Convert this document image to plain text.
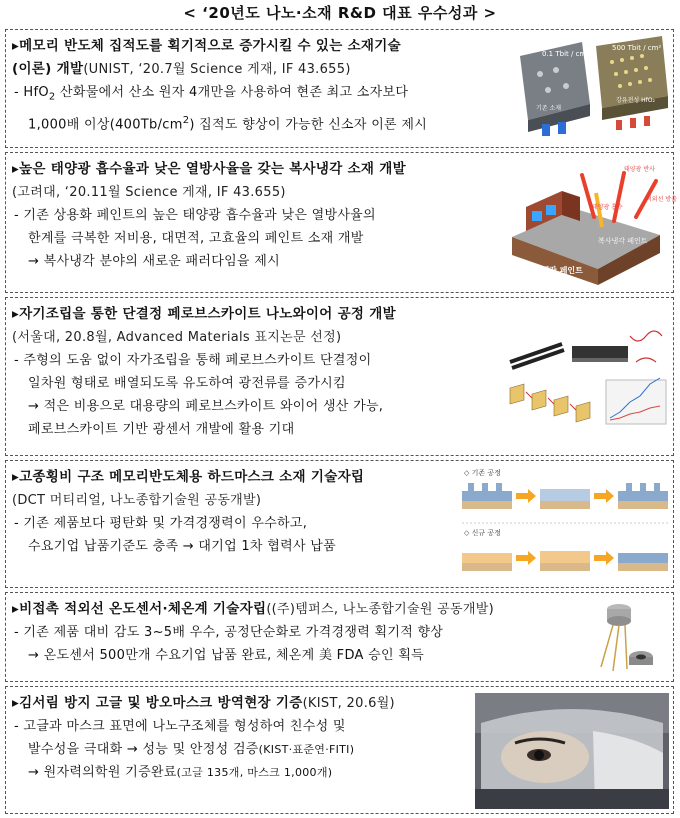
< ‘20년도 나노·소재 R&D 대표 우수성과 >
▸메모리 반도체 집적도를 획기적으로 증가시킬 수 있는 소재기술
(이론) 개발(UNIST, ‘20.7월 Science 게재, IF 43.655)
- HfO$_2$ 산화물에서 산소 원자 4개만을 사용하여 현존 최고 소자보다
1,000배 이상$(400Tb/cm^2)$ 집적도 향상이 가능한 신소자 이론 제시
0.1 Tbit / cm²
500 Tbit / cm²
기존 소재
강유전성 HfO₂
▸높은 태양광 흡수율과 낮은 열방사율을 갖는 복사냉각 소재 개발
(고려대, ‘20.11월 Science 게재, IF 43.655)
- 기존 상용화 페인트의 높은 태양광 흡수율과 낮은 열방사율의
한계를 극복한 저비용, 대면적, 고효율의 페인트 소재 개발
→ 복사냉각 분야의 새로운 패러다임을 제시
태양광 반사
적외선 방출
태양광 흡수
복사냉각 페인트
복사냉각 페인트
▸자기조립을 통한 단결정 페로브스카이트 나노와이어 공정 개발
(서울대, 20.8월, Advanced Materials 표지논문 선정)
- 주형의 도움 없이 자가조립을 통해 페로브스카이트 단결정이
일차원 형태로 배열되도록 유도하여 광전류를 증가시킴
→ 적은 비용으로 대용량의 페로브스카이트 와이어 생산 가능,
페로브스카이트 기반 광센서 개발에 활용 기대
▸고종횡비 구조 메모리반도체용 하드마스크 소재 기술자립
(DCT 머티리얼, 나노종합기술원 공동개발)
- 기존 제품보다 평탄화 및 가격경쟁력이 우수하고,
수요기업 납품기준도 충족 → 대기업 1차 협력사 납품
◇ 기존 공정
◇ 신규 공정
▸비접촉 적외선 온도센서·체온계 기술자립((주)템퍼스, 나노종합기술원 공동개발)
- 기존 제품 대비 감도 3~5배 우수, 공정단순화로 가격경쟁력 획기적 향상
→ 온도센서 500만개 수요기업 납품 완료, 체온계 美 FDA 승인 획득
▸김서림 방지 고글 및 방오마스크 방역현장 기증(KIST, 20.6월)
- 고글과 마스크 표면에 나노구조체를 형성하여 친수성 및
발수성을 극대화 → 성능 및 안정성 검증(KIST·표준연·FITI)
→ 원자력의학원 기증완료(고글 135개, 마스크 1,000개)
